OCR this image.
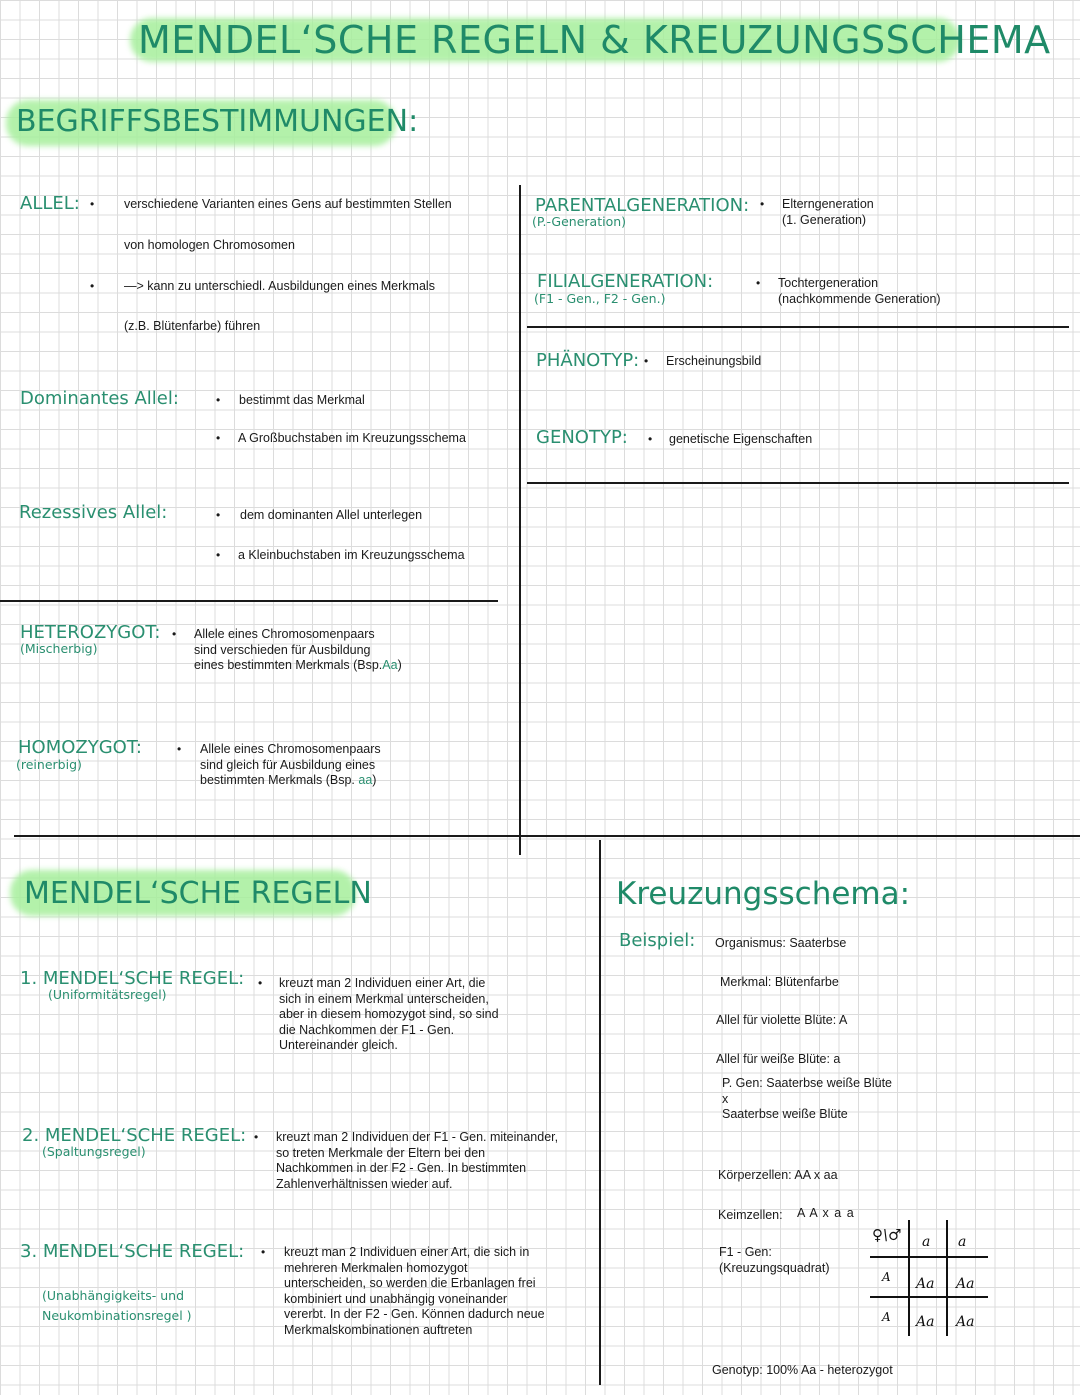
MENDEL‘SCHE REGELN & KREUZUNGSSCHEMA
BEGRIFFSBESTIMMUNGEN:
ALLEL: • verschiedene Varianten eines Gens auf bestimmten Stellen
von homologen Chromosomen
• —> kann zu unterschiedl. Ausbildungen eines Merkmals
(z.B. Blütenfarbe) führen
Dominantes Allel:	• bestimmt das Merkmal
• A Großbuchstaben im Kreuzungsschema
Rezessives Allel:	• dem dominanten Allel unterlegen
• a Kleinbuchstaben im Kreuzungsschema
HETEROZYGOT:
(Mischerbig)
• Allele eines Chromosomenpaars
sind verschieden für Ausbildung
eines bestimmten Merkmals (Bsp.Aa)
HOMOZYGOT:
(reinerbig)
• Allele eines Chromosomenpaars
sind gleich für Ausbildung eines
bestimmten Merkmals (Bsp. aa)
PARENTALGENERATION:
(P.-Generation)
• Elterngeneration
(1. Generation)
FILIALGENERATION:
(F1 - Gen., F2 - Gen.)
• Tochtergeneration
(nachkommende Generation)
PHÄNOTYP: • Erscheinungsbild
GENOTYP: • genetische Eigenschaften
MENDEL‘SCHE REGELN
1. MENDEL‘SCHE REGEL:
(Uniformitätsregel)
• kreuzt man 2 Individuen einer Art, die
sich in einem Merkmal unterscheiden,
aber in diesem homozygot sind, so sind
die Nachkommen der F1 - Gen.
Untereinander gleich.
2. MENDEL‘SCHE REGEL:
(Spaltungsregel)
• kreuzt man 2 Individuen der F1 - Gen. miteinander,
so treten Merkmale der Eltern bei den
Nachkommen in der F2 - Gen. In bestimmten
Zahlenverhältnissen wieder auf.
3. MENDEL‘SCHE REGEL:
(Unabhängigkeits- und
Neukombinationsregel )
• kreuzt man 2 Individuen einer Art, die sich in
mehreren Merkmalen homozygot
unterscheiden, so werden die Erbanlagen frei
kombiniert und unabhängig voneinander
vererbt. In der F2 - Gen. Können dadurch neue
Merkmalskombinationen auftreten
Kreuzungsschema:
Beispiel: Organismus: Saaterbse
Merkmal: Blütenfarbe
Allel für violette Blüte: A
Allel für weiße Blüte: a
P. Gen: Saaterbse weiße Blüte
x
Saaterbse weiße Blüte
Körperzellen: AA x aa
Keimzellen: A A x a a
F1 - Gen:
(Kreuzungsquadrat)
Genotyp: 100% Aa - heterozygot
♀\♂ a a
A
A
Aa Aa
Aa Aa
